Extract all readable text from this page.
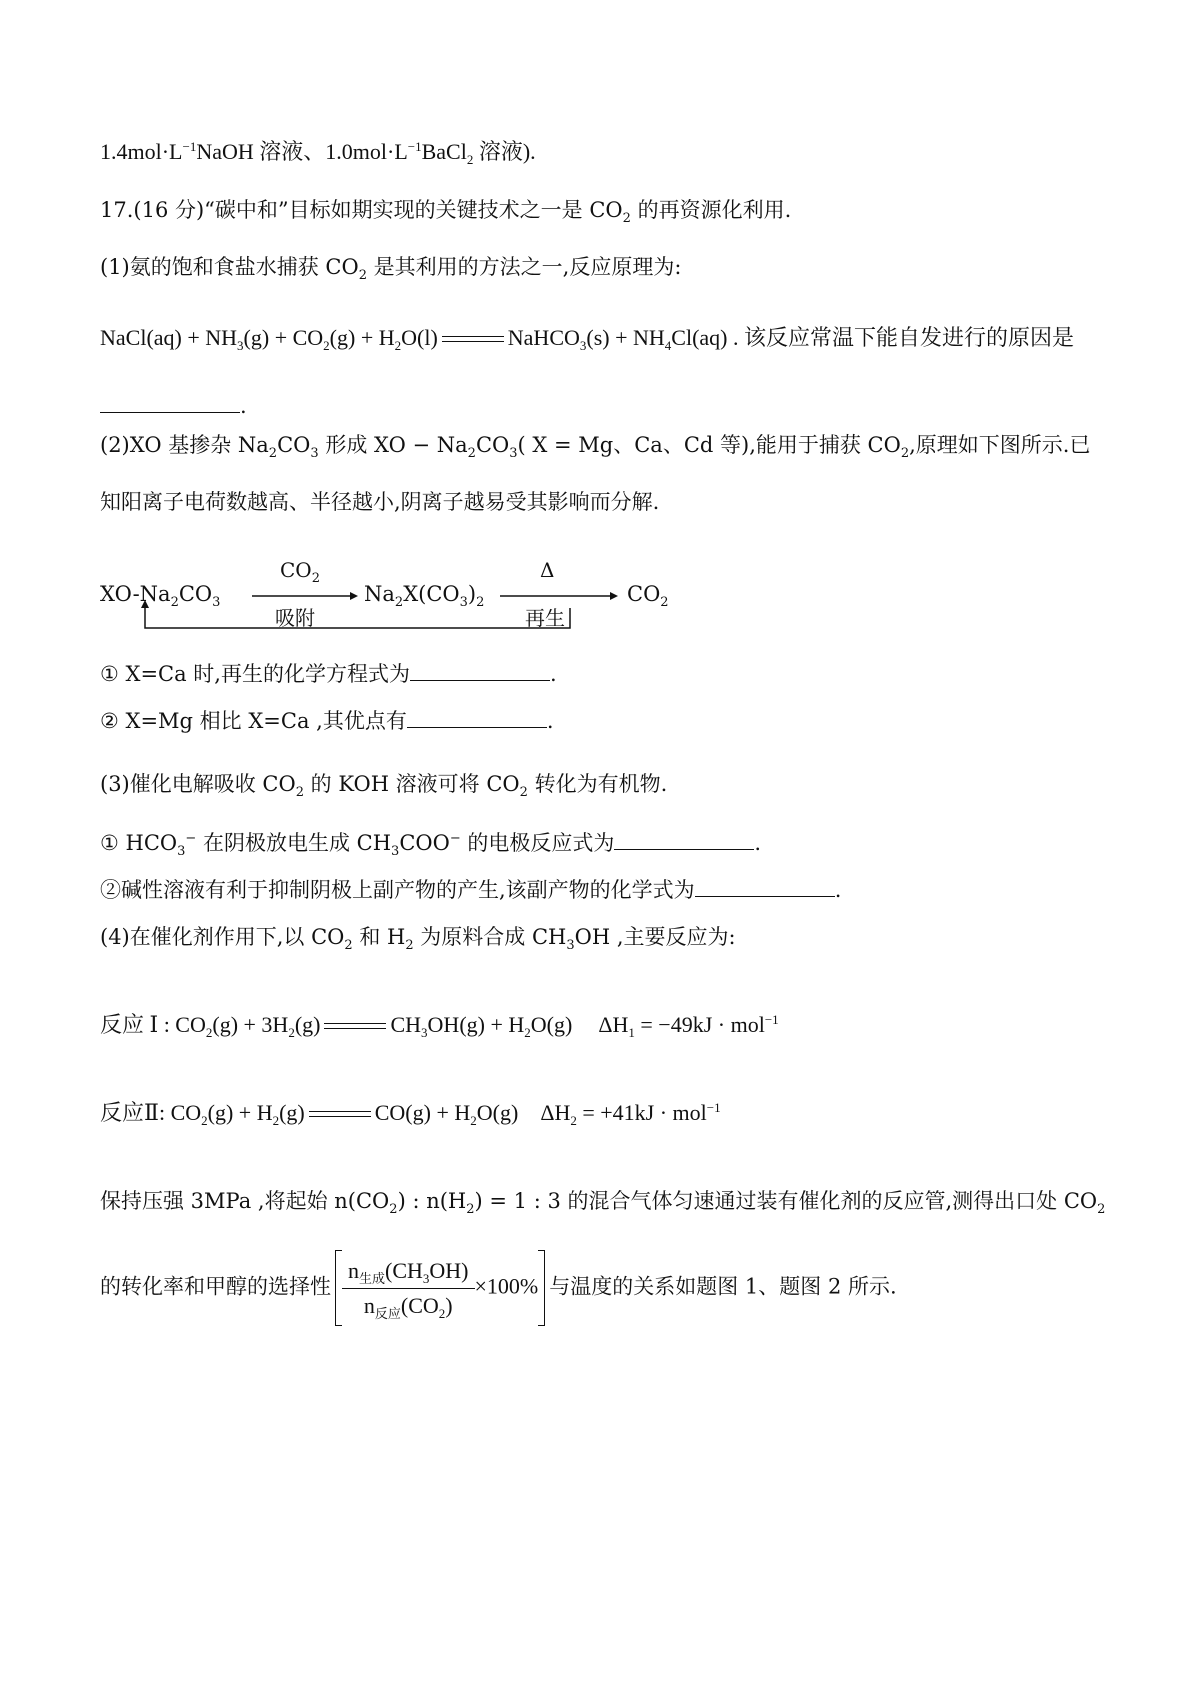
$1.4mol\cdot L^{-1}NaOH$ 溶液、$1.0mol\cdot L^{-1}BaCl_2$ 溶液).
17.(16 分)“碳中和”目标如期实现的关键技术之一是 $CO_2$ 的再资源化利用.
(1)氨的饱和食盐水捕获 $CO_2$ 是其利用的方法之一,反应原理为:
NaCl(aq) + $NH_3(g) + CO_2(g) + H_2O(l)$	NaHCO$_3$(s) + $NH_4Cl(aq)$ . 该反应常温下能自发进行的原因是
.
(2)XO 基掺杂 $Na_2CO_3$ 形成 XO − $Na_2CO_3$( X = Mg、Ca、Cd 等),能用于捕获 $CO_2$,原理如下图所示.已
知阳离子电荷数越高、半径越小,阴离子越易受其影响而分解.
$XO-Na_2CO_3$
$CO_2$
吸附
$Na_2X(CO_3)_2$
Δ
再生
$CO_2$
① X=Ca 时,再生的化学方程式为	.
② X=Mg 相比 X=Ca ,其优点有	.
(3)催化电解吸收 $CO_2$ 的 KOH 溶液可将 $CO_2$ 转化为有机物.
① $HCO_3^-$ 在阴极放电生成 $CH_3COO^-$ 的电极反应式为	.
②碱性溶液有利于抑制阴极上副产物的产生,该副产物的化学式为	.
(4)在催化剂作用下,以 $CO_2$ 和 $H_2$ 为原料合成 $CH_3OH$ ,主要反应为:
反应 Ⅰ : $CO_2(g) + 3H_2(g)$	$CH_3OH(g) + H_2O(g) \Delta H_1 = -49kJ \cdot mol^{-1}$
反应Ⅱ: $CO_2(g) + H_2(g)$	$CO(g) + H_2O(g) \Delta H_2 = +41kJ \cdot mol^{-1}$
保持压强 3MPa ,将起始 $n(CO_2)$ : $n(H_2) = 1$ : 3 的混合气体匀速通过装有催化剂的反应管,测得出口处 $CO_2$
的转化率和甲醇的选择性 $\frac{n_{生成}(CH_3OH)}{n_{反应}(CO_2)} \times 100\%$ 与温度的关系如题图 1、题图 2 所示.
